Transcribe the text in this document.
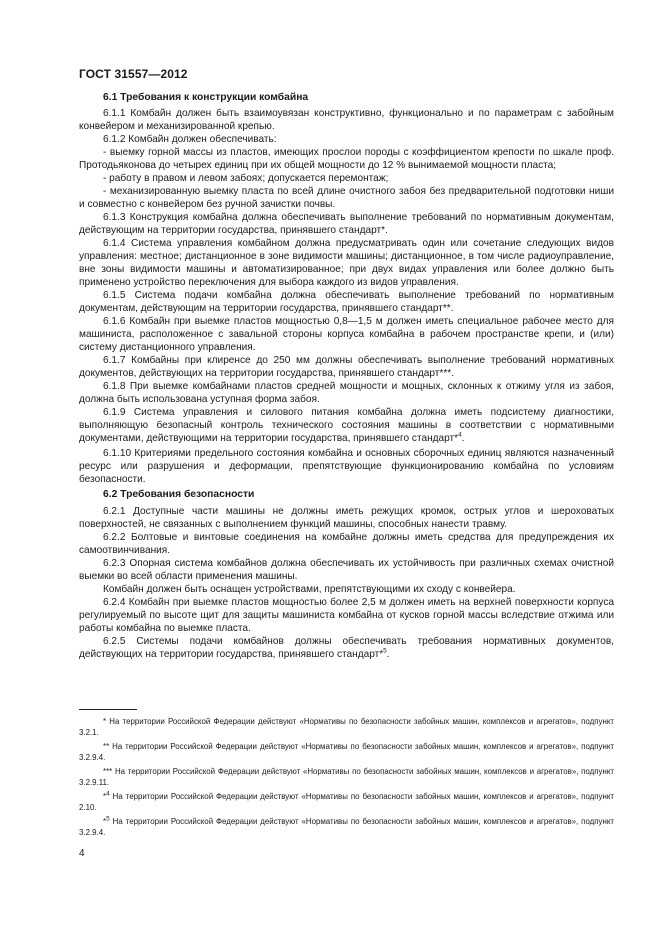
ГОСТ 31557—2012
6.1 Требования к конструкции комбайна

6.1.1 Комбайн должен быть взаимоувязан конструктивно, функционально и по параметрам с забойным конвейером и механизированной крепью.

6.1.2 Комбайн должен обеспечивать:

- выемку горной массы из пластов, имеющих прослои породы с коэффициентом крепости по шкале проф. Протодьяконова до четырех единиц при их общей мощности до 12 % вынимаемой мощности пласта;

- работу в правом и левом забоях; допускается перемонтаж;

- механизированную выемку пласта по всей длине очистного забоя без предварительной подготовки ниши и совместно с конвейером без ручной зачистки почвы.

6.1.3 Конструкция комбайна должна обеспечивать выполнение требований по нормативным документам, действующим на территории государства, принявшего стандарт*.

6.1.4 Система управления комбайном должна предусматривать один или сочетание следующих видов управления: местное; дистанционное в зоне видимости машины; дистанционное, в том числе радиоуправление, вне зоны видимости машины и автоматизированное; при двух видах управления или более должно быть применено устройство переключения для выбора каждого из видов управления.

6.1.5 Система подачи комбайна должна обеспечивать выполнение требований по нормативным документам, действующим на территории государства, принявшего стандарт**.

6.1.6 Комбайн при выемке пластов мощностью 0,8—1,5 м должен иметь специальное рабочее место для машиниста, расположенное с завальной стороны корпуса комбайна в рабочем пространстве крепи, и (или) систему дистанционного управления.

6.1.7 Комбайны при клиренсе до 250 мм должны обеспечивать выполнение требований нормативных документов, действующих на территории государства, принявшего стандарт***.

6.1.8 При выемке комбайнами пластов средней мощности и мощных, склонных к отжиму угля из забоя, должна быть использована уступная форма забоя.

6.1.9 Система управления и силового питания комбайна должна иметь подсистему диагностики, выполняющую безопасный контроль технического состояния машины в соответствии с нормативными документами, действующими на территории государства, принявшего стандарт*$^4$.

6.1.10 Критериями предельного состояния комбайна и основных сборочных единиц являются назначенный ресурс или разрушения и деформации, препятствующие функционированию комбайна по условиям безопасности.

6.2 Требования безопасности

6.2.1 Доступные части машины не должны иметь режущих кромок, острых углов и шероховатых поверхностей, не связанных с выполнением функций машины, способных нанести травму.

6.2.2 Болтовые и винтовые соединения на комбайне должны иметь средства для предупреждения их самоотвинчивания.

6.2.3 Опорная система комбайнов должна обеспечивать их устойчивость при различных схемах очистной выемки во всей области применения машины.

Комбайн должен быть оснащен устройствами, препятствующими их сходу с конвейера.

6.2.4 Комбайн при выемке пластов мощностью более 2,5 м должен иметь на верхней поверхности корпуса регулируемый по высоте щит для защиты машиниста комбайна от кусков горной массы вследствие отжима или работы комбайна по выемке пласта.

6.2.5 Системы подачи комбайнов должны обеспечивать требования нормативных документов, действующих на территории государства, принявшего стандарт*$^5$.

* На территории Российской Федерации действуют «Нормативы по безопасности забойных машин, комплексов и агрегатов», подпункт 3.2.1.

** На территории Российской Федерации действуют «Нормативы по безопасности забойных машин, комплексов и агрегатов», подпункт 3.2.9.4.

*** На территории Российской Федерации действуют «Нормативы по безопасности забойных машин, комплексов и агрегатов», подпункт 3.2.9.11.

*$^4$ На территории Российской Федерации действуют «Нормативы по безопасности забойных машин, комплексов и агрегатов», подпункт 2.10.

*$^5$ На территории Российской Федерации действуют «Нормативы по безопасности забойных машин, комплексов и агрегатов», подпункт 3.2.9.4.

4
